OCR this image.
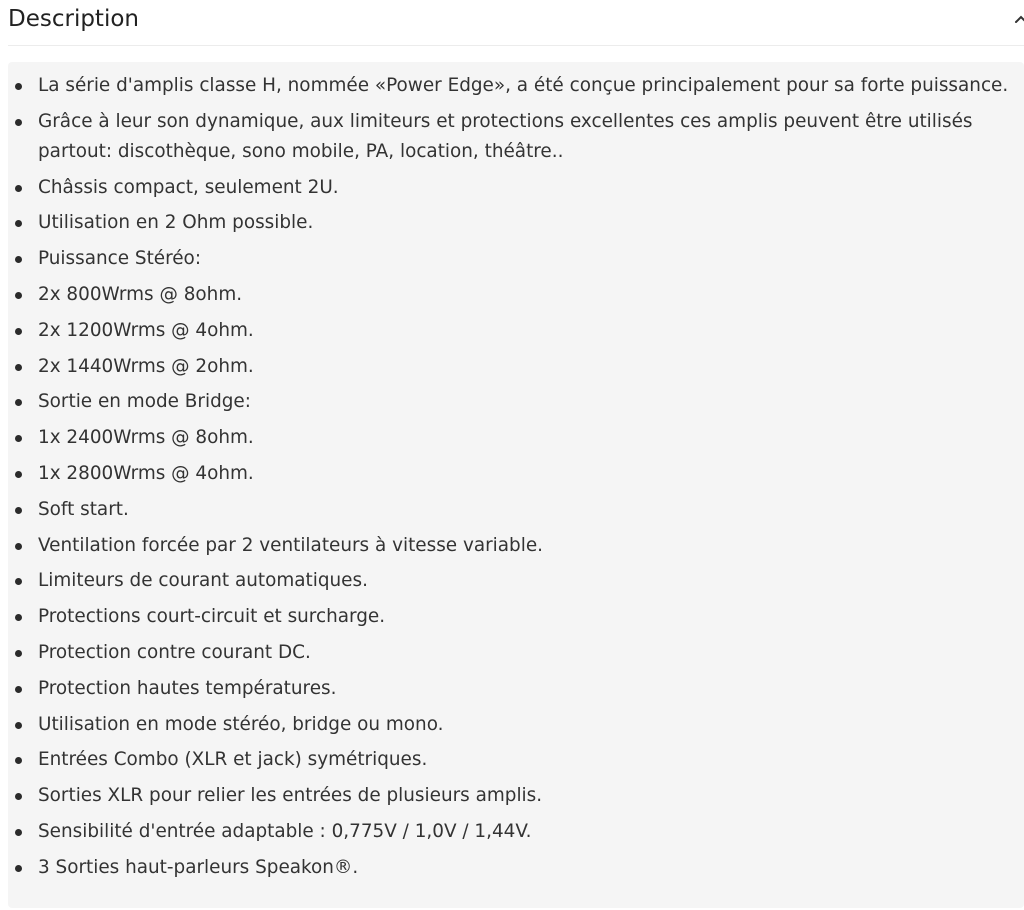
Description
La série d'amplis classe H, nommée «Power Edge», a été conçue principalement pour sa forte puissance.
Grâce à leur son dynamique, aux limiteurs et protections excellentes ces amplis peuvent être utilisés partout: discothèque, sono mobile, PA, location, théâtre..
Châssis compact, seulement 2U.
Utilisation en 2 Ohm possible.
Puissance Stéréo:
2x 800Wrms @ 8ohm.
2x 1200Wrms @ 4ohm.
2x 1440Wrms @ 2ohm.
Sortie en mode Bridge:
1x 2400Wrms @ 8ohm.
1x 2800Wrms @ 4ohm.
Soft start.
Ventilation forcée par 2 ventilateurs à vitesse variable.
Limiteurs de courant automatiques.
Protections court-circuit et surcharge.
Protection contre courant DC.
Protection hautes températures.
Utilisation en mode stéréo, bridge ou mono.
Entrées Combo (XLR et jack) symétriques.
Sorties XLR pour relier les entrées de plusieurs amplis.
Sensibilité d'entrée adaptable : 0,775V / 1,0V / 1,44V.
3 Sorties haut-parleurs Speakon®.
